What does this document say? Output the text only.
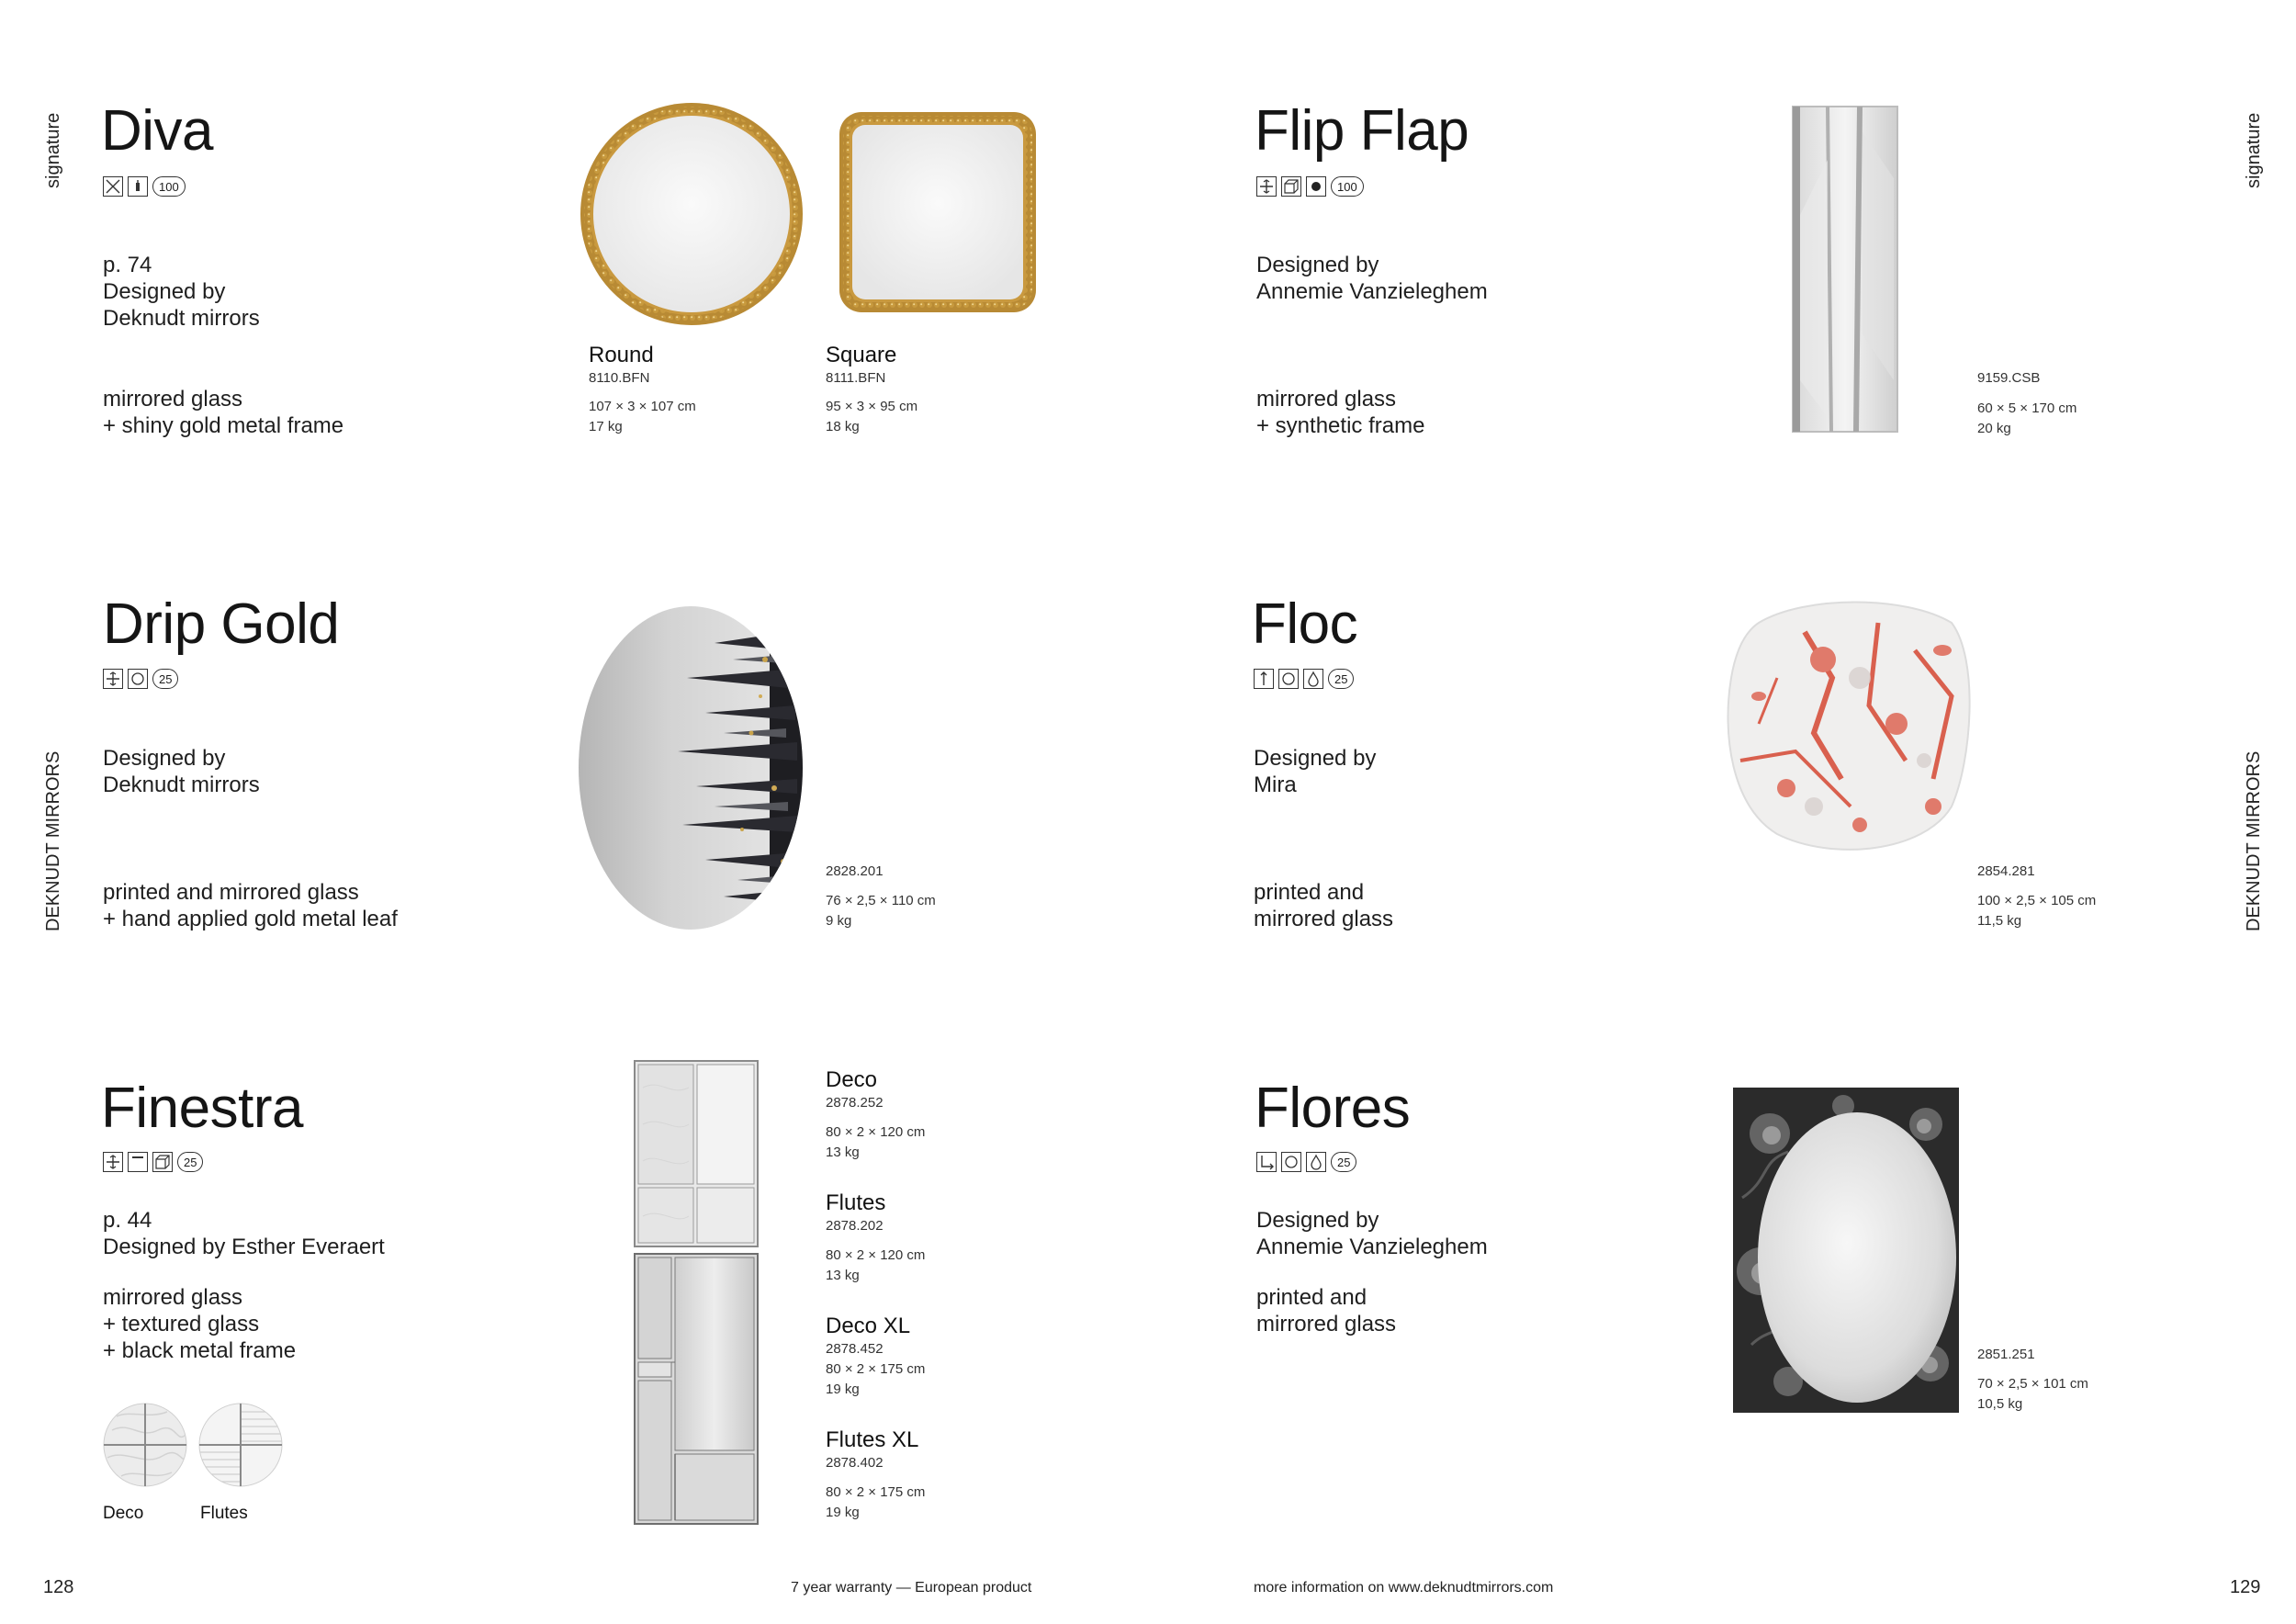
signature
DEKNUDT MIRRORS
signature
DEKNUDT MIRRORS
Diva
100
p. 74
Designed by
Deknudt mirrors
mirrored glass
+ shiny gold metal frame
Round
8110.BFN
107 × 3 × 107 cm
17 kg
Square
8111.BFN
95 × 3 × 95 cm
18 kg
Flip Flap
100
Designed by
Annemie Vanzieleghem
mirrored glass
+ synthetic frame
9159.CSB
60 × 5 × 170 cm
20 kg
Drip Gold
25
Designed by
Deknudt mirrors
printed and mirrored glass
+ hand applied gold metal leaf
2828.201
76 × 2,5 × 110 cm
9 kg
Floc
25
Designed by
Mira
printed and
mirrored glass
2854.281
100 × 2,5 × 105 cm
11,5 kg
Finestra
25
p. 44
Designed by Esther Everaert
mirrored glass
+ textured glass
+ black metal frame
Deco	Flutes
Deco
2878.252
80 × 2 × 120 cm
13 kg
Flutes
2878.202
80 × 2 × 120 cm
13 kg
Deco XL
2878.452
80 × 2 × 175 cm
19 kg
Flutes XL
2878.402
80 × 2 × 175 cm
19 kg
Flores
25
Designed by
Annemie Vanzieleghem
printed and
mirrored glass
2851.251
70 × 2,5 × 101 cm
10,5 kg
128	7 year warranty — European product	more information on www.deknudtmirrors.com	129
